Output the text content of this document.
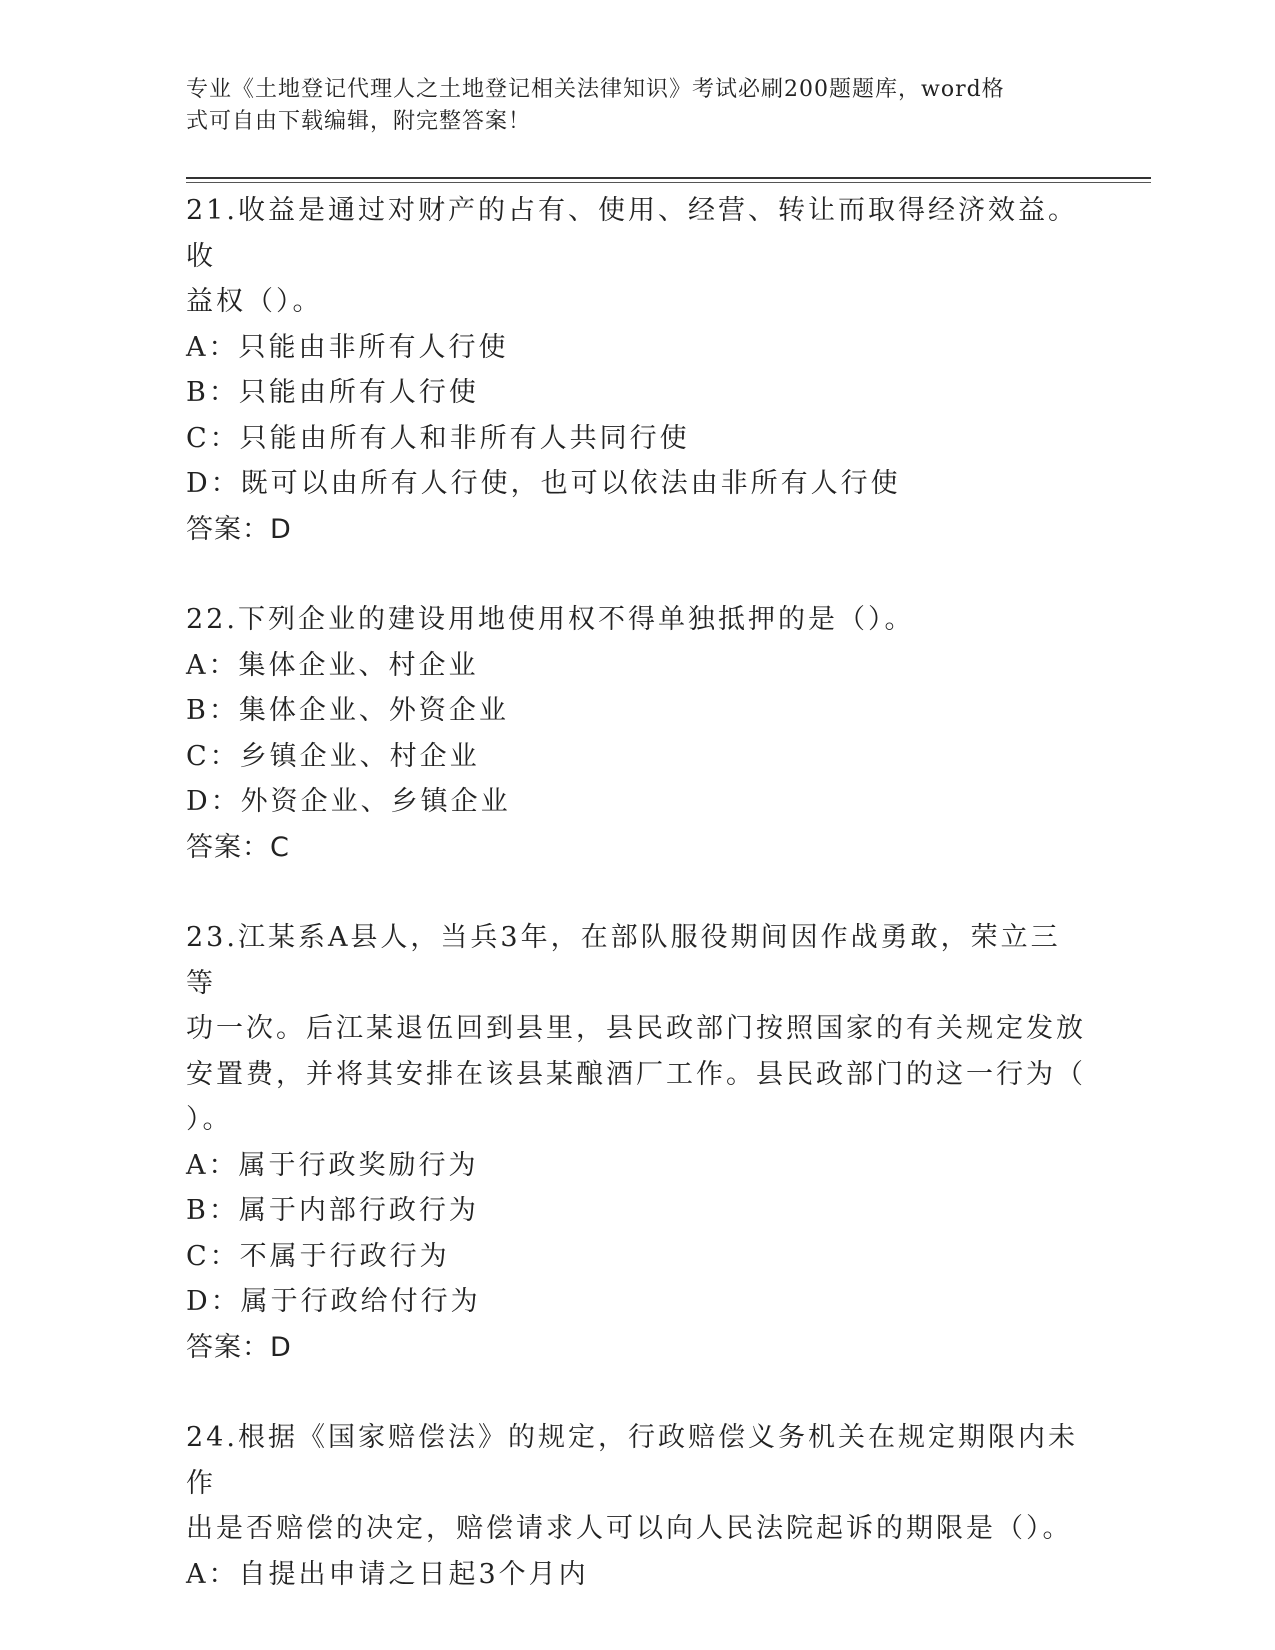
专业《土地登记代理人之土地登记相关法律知识》考试必刷200题题库，word格
式可自由下载编辑，附完整答案！
21.收益是通过对财产的占有、使用、经营、转让而取得经济效益。收
益权（）。
A：只能由非所有人行使
B：只能由所有人行使
C：只能由所有人和非所有人共同行使
D：既可以由所有人行使，也可以依法由非所有人行使
答案：D
22.下列企业的建设用地使用权不得单独抵押的是（）。
A：集体企业、村企业
B：集体企业、外资企业
C：乡镇企业、村企业
D：外资企业、乡镇企业
答案：C
23.江某系A县人，当兵3年，在部队服役期间因作战勇敢，荣立三等
功一次。后江某退伍回到县里，县民政部门按照国家的有关规定发放
安置费，并将其安排在该县某酿酒厂工作。县民政部门的这一行为（
）。
A：属于行政奖励行为
B：属于内部行政行为
C：不属于行政行为
D：属于行政给付行为
答案：D
24.根据《国家赔偿法》的规定，行政赔偿义务机关在规定期限内未作
出是否赔偿的决定，赔偿请求人可以向人民法院起诉的期限是（）。
A：自提出申请之日起3个月内
